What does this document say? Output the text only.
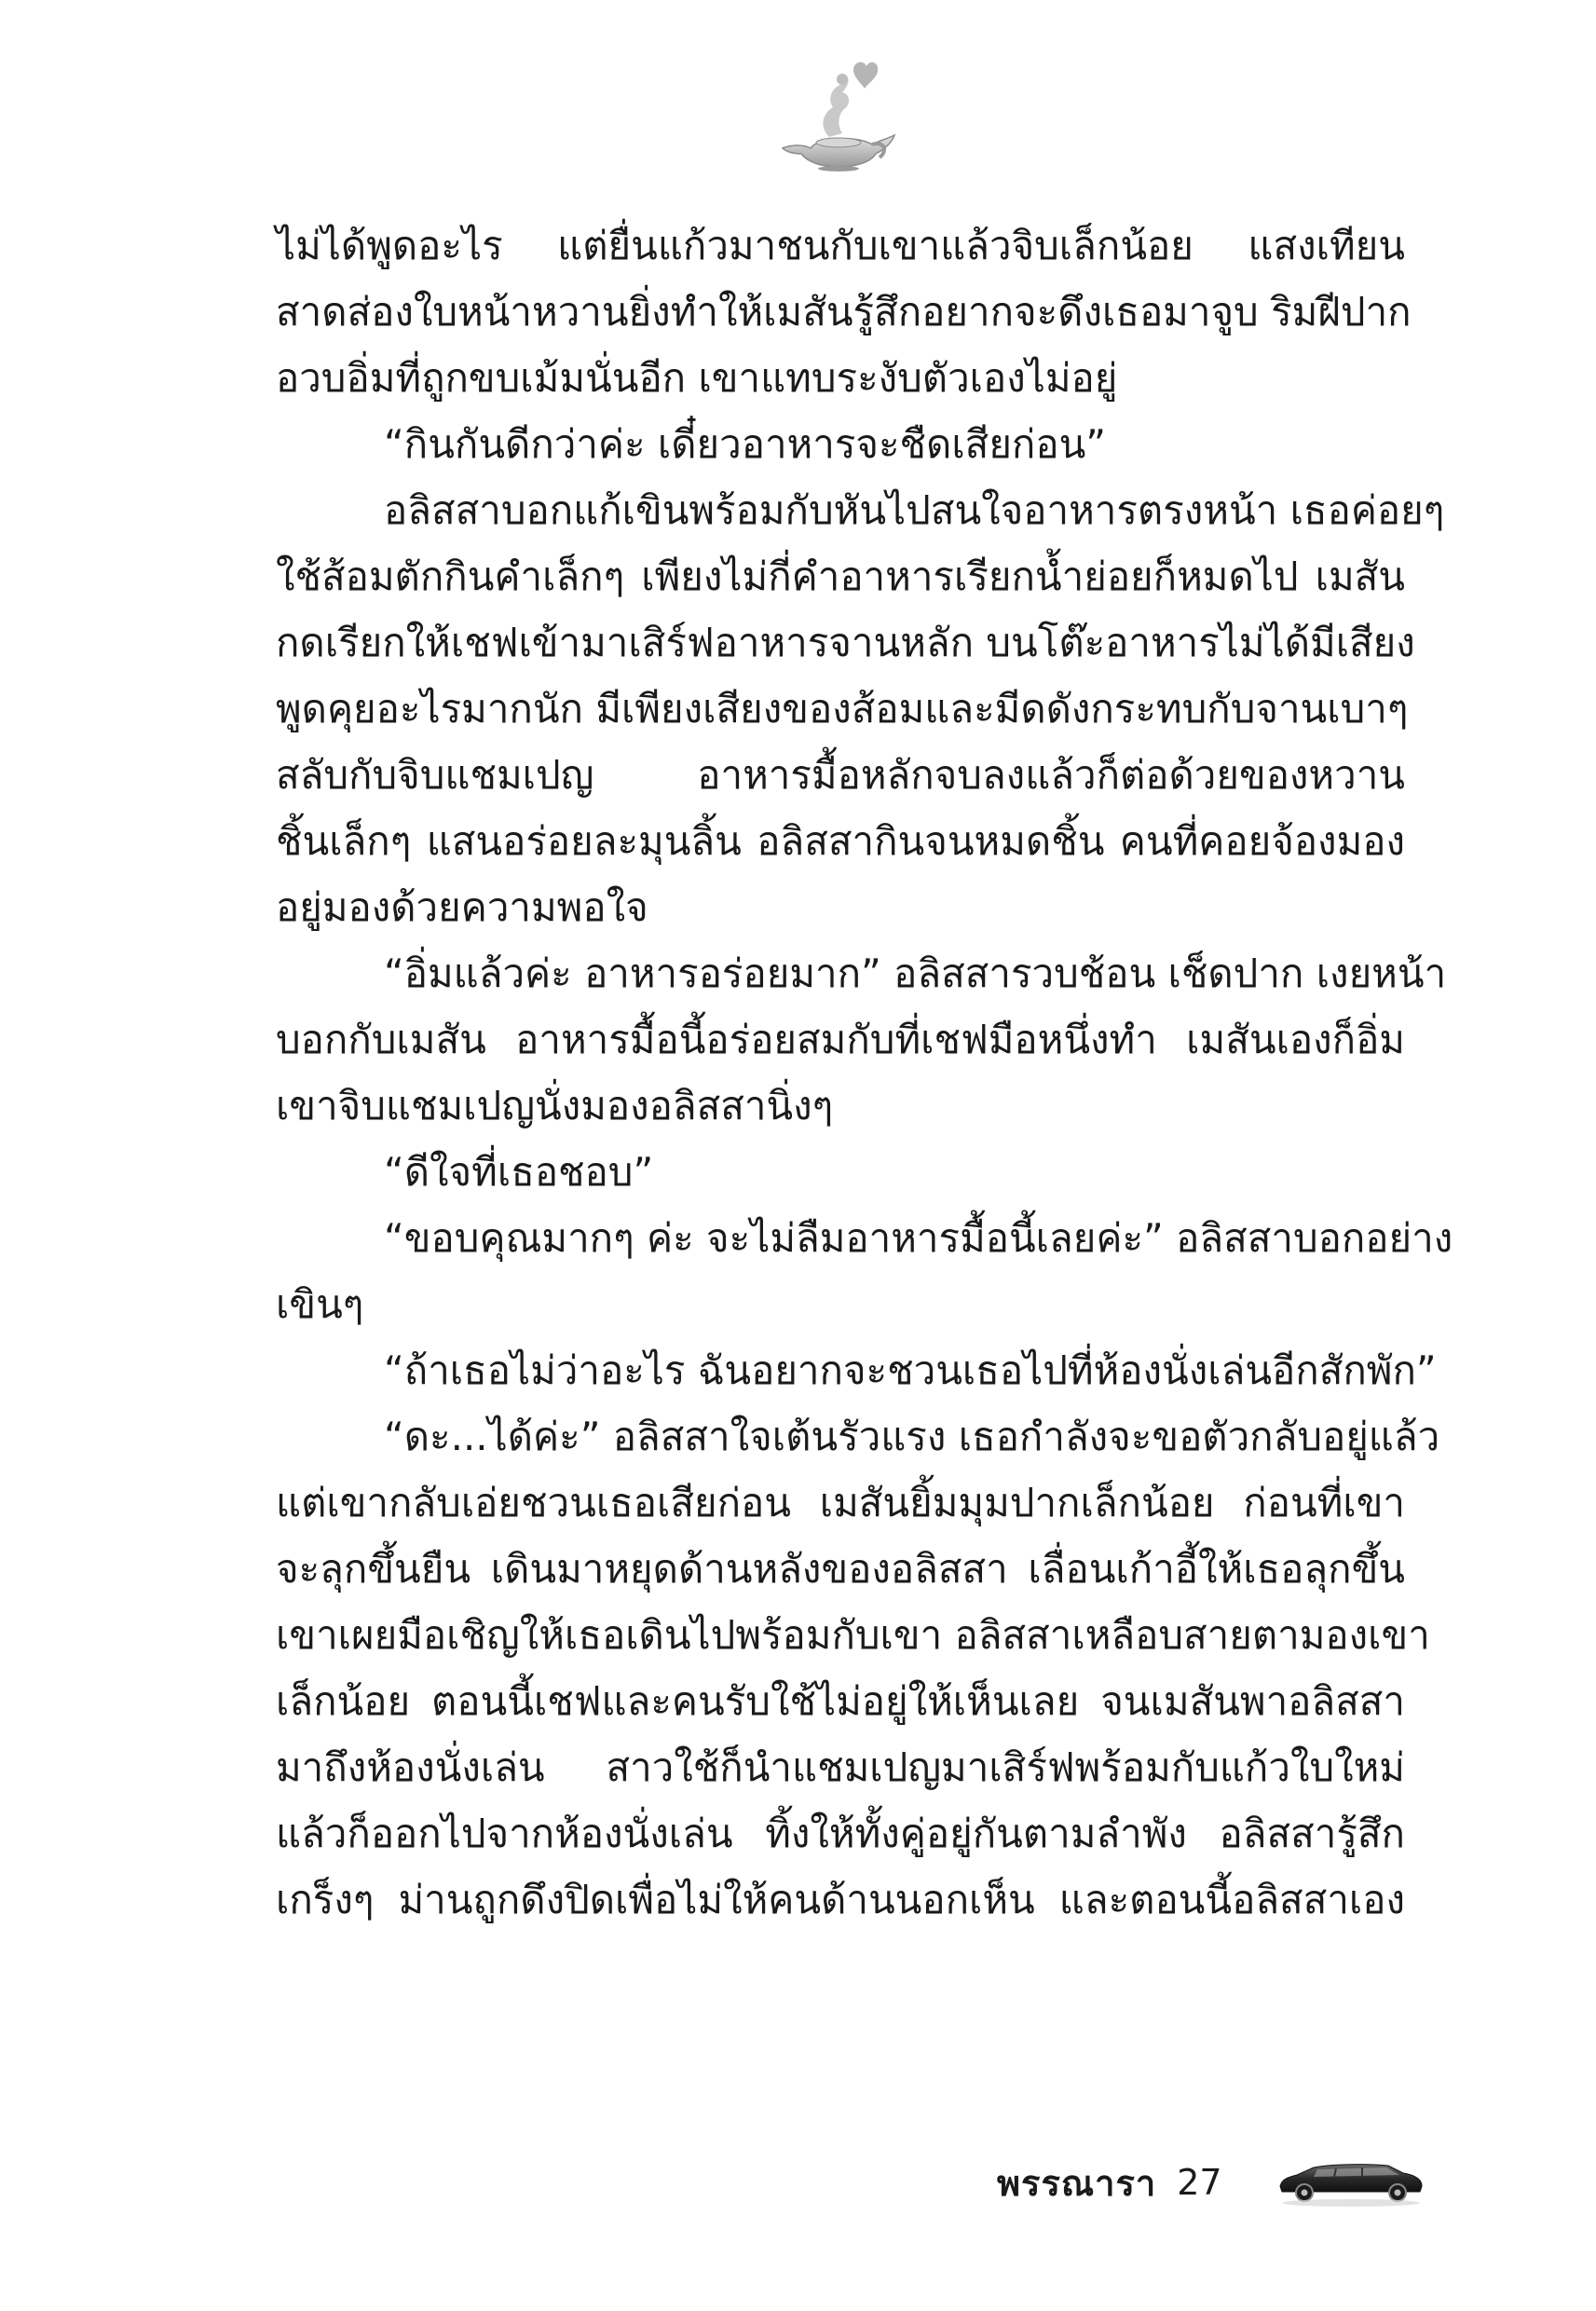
ไม่ได้พูดอะไร แต่ยื่นแก้วมาชนกับเขาแล้วจิบเล็กน้อย แสงเทียน
สาดส่องใบหน้าหวานยิ่งทำให้เมสันรู้สึกอยากจะดึงเธอมาจูบ ริมฝีปาก
อวบอิ่มที่ถูกขบเม้มนั่นอีก เขาแทบระงับตัวเองไม่อยู่
“กินกันดีกว่าค่ะ เดี๋ยวอาหารจะชืดเสียก่อน”
อลิสสาบอกแก้เขินพร้อมกับหันไปสนใจอาหารตรงหน้า เธอค่อยๆ
ใช้ส้อมตักกินคำเล็กๆ เพียงไม่กี่คำอาหารเรียกน้ำย่อยก็หมดไป เมสัน
กดเรียกให้เชฟเข้ามาเสิร์ฟอาหารจานหลัก บนโต๊ะอาหารไม่ได้มีเสียง
พูดคุยอะไรมากนัก มีเพียงเสียงของส้อมและมีดดังกระทบกับจานเบาๆ
สลับกับจิบแชมเปญ อาหารมื้อหลักจบลงแล้วก็ต่อด้วยของหวาน
ชิ้นเล็กๆ แสนอร่อยละมุนลิ้น อลิสสากินจนหมดชิ้น คนที่คอยจ้องมอง
อยู่มองด้วยความพอใจ
“อิ่มแล้วค่ะ อาหารอร่อยมาก” อลิสสารวบช้อน เช็ดปาก เงยหน้า
บอกกับเมสัน อาหารมื้อนี้อร่อยสมกับที่เชฟมือหนึ่งทำ เมสันเองก็อิ่ม
เขาจิบแชมเปญนั่งมองอลิสสานิ่งๆ
“ดีใจที่เธอชอบ”
“ขอบคุณมากๆ ค่ะ จะไม่ลืมอาหารมื้อนี้เลยค่ะ” อลิสสาบอกอย่าง
เขินๆ
“ถ้าเธอไม่ว่าอะไร ฉันอยากจะชวนเธอไปที่ห้องนั่งเล่นอีกสักพัก”
“ดะ...ได้ค่ะ” อลิสสาใจเต้นรัวแรง เธอกำลังจะขอตัวกลับอยู่แล้ว
แต่เขากลับเอ่ยชวนเธอเสียก่อน เมสันยิ้มมุมปากเล็กน้อย ก่อนที่เขา
จะลุกขึ้นยืน เดินมาหยุดด้านหลังของอลิสสา เลื่อนเก้าอี้ให้เธอลุกขึ้น
เขาเผยมือเชิญให้เธอเดินไปพร้อมกับเขา อลิสสาเหลือบสายตามองเขา
เล็กน้อย ตอนนี้เชฟและคนรับใช้ไม่อยู่ให้เห็นเลย จนเมสันพาอลิสสา
มาถึงห้องนั่งเล่น สาวใช้ก็นำแชมเปญมาเสิร์ฟพร้อมกับแก้วใบใหม่
แล้วก็ออกไปจากห้องนั่งเล่น ทิ้งให้ทั้งคู่อยู่กันตามลำพัง อลิสสารู้สึก
เกร็งๆ ม่านถูกดึงปิดเพื่อไม่ให้คนด้านนอกเห็น และตอนนี้อลิสสาเอง
พรรณารา 27
